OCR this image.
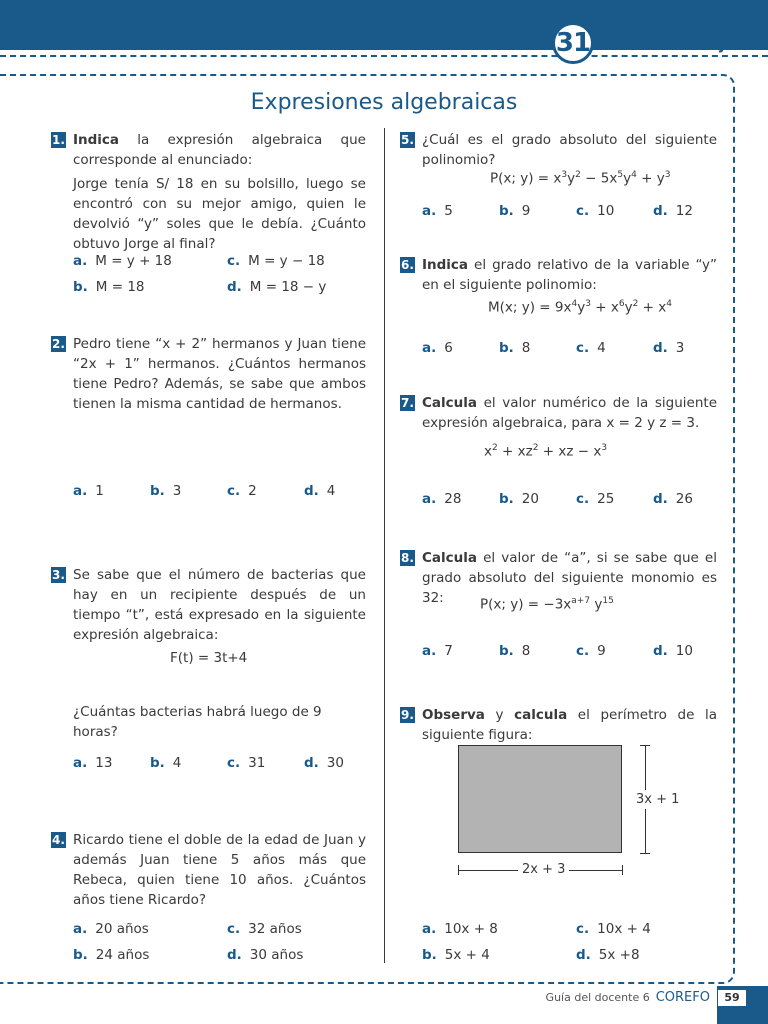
31 Ficha de trabajo
Expresiones algebraicas
1. Indica la expresión algebraica que corresponde al enunciado:
Jorge tenía S/ 18 en su bolsillo, luego se encontró con su mejor amigo, quien le devolvió “y” soles que le debía. ¿Cuánto obtuvo Jorge al final?
a. M = y + 18	c. M = y − 18
b. M = 18	d. M = 18 − y
2. Pedro tiene “x + 2” hermanos y Juan tiene “2x + 1” hermanos. ¿Cuántos hermanos tiene Pedro? Además, se sabe que ambos tienen la misma cantidad de hermanos.
a. 1	b. 3	c. 2	d. 4
3. Se sabe que el número de bacterias que hay en un recipiente después de un tiempo “t”, está expresado en la siguiente expresión algebraica:
F(t) = 3t+4
¿Cuántas bacterias habrá luego de 9 horas?
a. 13	b. 4	c. 31	d. 30
4. Ricardo tiene el doble de la edad de Juan y además Juan tiene 5 años más que Rebeca, quien tiene 10 años. ¿Cuántos años tiene Ricardo?
a. 20 años	c. 32 años
b. 24 años	d. 30 años
5. ¿Cuál es el grado absoluto del siguiente polinomio?
P(x; $y) = x^3y^2 - 5x^5y^4 + y^3$
a. 5	b. 9	c. 10	d. 12
6. Indica el grado relativo de la variable “y” en el siguiente polinomio:
M(x; $y) = 9x^4y^3 + x^6y^2 + x^4$
a. 6	b. 8	c. 4	d. 3
7. Calcula el valor numérico de la siguiente expresión algebraica, para x = 2 y z = 3.
$x^2 + xz^2$ + xz − $x^3$
a. 28	b. 20	c. 25	d. 26
8. Calcula el valor de “a”, si se sabe que el grado absoluto del siguiente monomio es 32:	P(x; $y) = -3x^{a+7}$ $y^{15}$
a. 7	b. 8	c. 9	d. 10
9. Observa y calcula el perímetro de la siguiente figura:
3x + 1
2x + 3
a. 10x + 8	c. 10x + 4
b. 5x + 4	d. 5x +8
Guía del docente 6 COREFO	59
